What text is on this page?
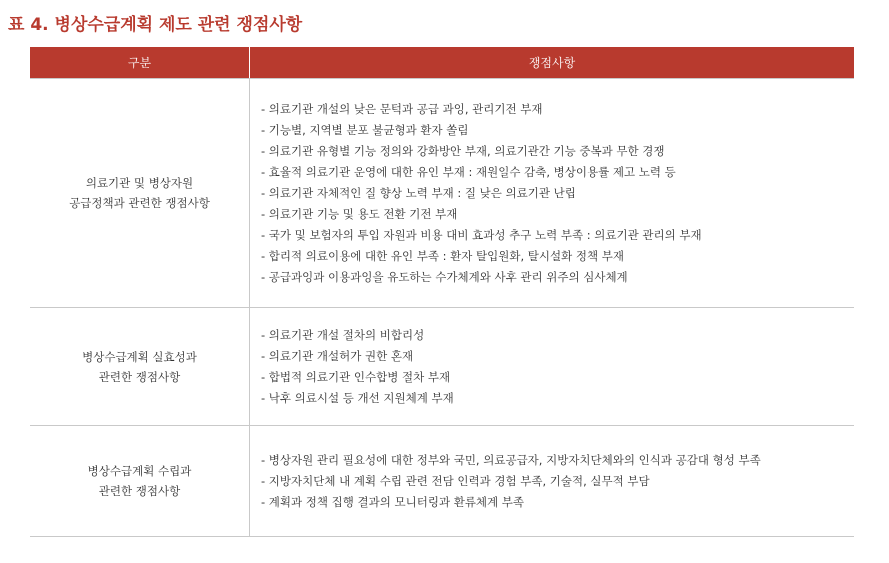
표 4. 병상수급계획 제도 관련 쟁점사항
구분	쟁점사항
의료기관 및 병상자원
공급정책과 관련한 쟁점사항
- 의료기관 개설의 낮은 문턱과 공급 과잉, 관리기전 부재
- 기능별, 지역별 분포 불균형과 환자 쏠림
- 의료기관 유형별 기능 정의와 강화방안 부재, 의료기관간 기능 중복과 무한 경쟁
- 효율적 의료기관 운영에 대한 유인 부재 : 재원일수 감축, 병상이용률 제고 노력 등
- 의료기관 자체적인 질 향상 노력 부재 : 질 낮은 의료기관 난립
- 의료기관 기능 및 용도 전환 기전 부재
- 국가 및 보험자의 투입 자원과 비용 대비 효과성 추구 노력 부족 : 의료기관 관리의 부재
- 합리적 의료이용에 대한 유인 부족 : 환자 탈입원화, 탈시설화 정책 부재
- 공급과잉과 이용과잉을 유도하는 수가체계와 사후 관리 위주의 심사체계
병상수급계획 실효성과
관련한 쟁점사항
- 의료기관 개설 절차의 비합리성
- 의료기관 개설허가 권한 혼재
- 합법적 의료기관 인수합병 절차 부재
- 낙후 의료시설 등 개선 지원체계 부재
병상수급계획 수립과
관련한 쟁점사항
- 병상자원 관리 필요성에 대한 정부와 국민, 의료공급자, 지방자치단체와의 인식과 공감대 형성 부족
- 지방자치단체 내 계획 수립 관련 전담 인력과 경험 부족, 기술적, 실무적 부담
- 계획과 정책 집행 결과의 모니터링과 환류체계 부족
